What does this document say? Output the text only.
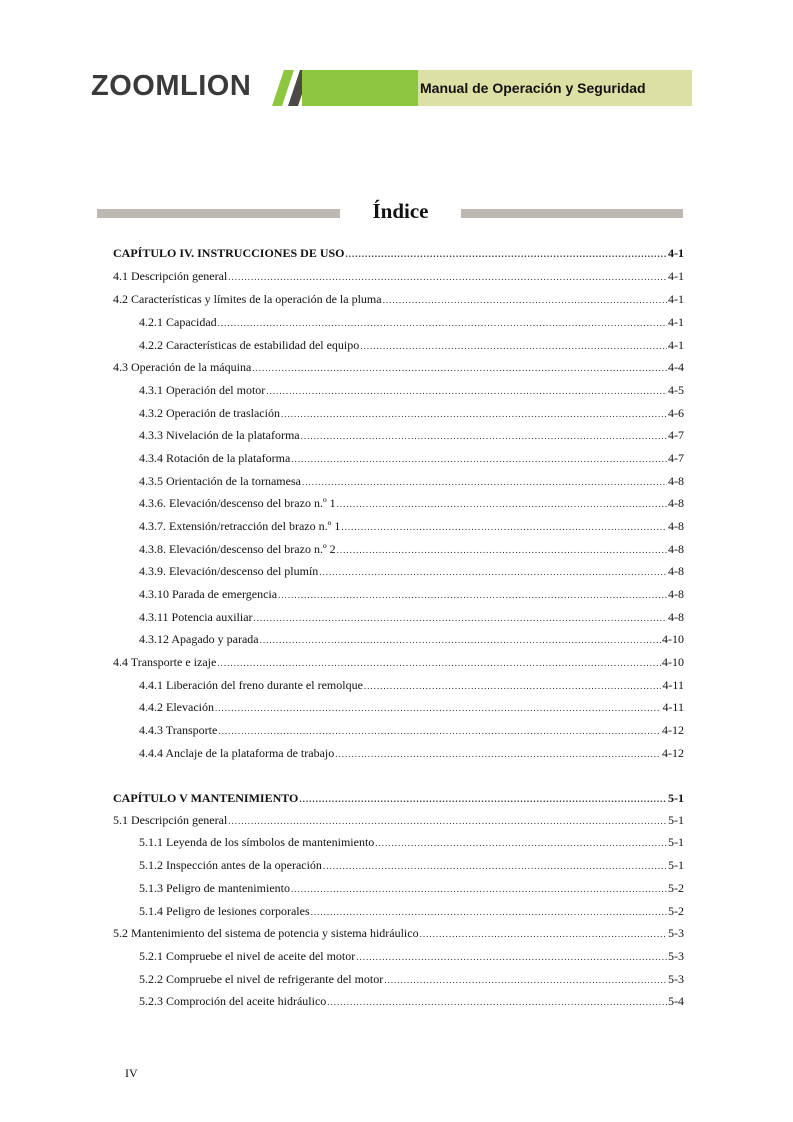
ZOOMLION	Manual de Operación y Seguridad
Índice
CAPÍTULO IV. INSTRUCCIONES DE USO .....	4-1
4.1 Descripción general .....	4-1
4.2 Características y límites de la operación de la pluma .....	4-1
4.2.1 Capacidad .....	4-1
4.2.2 Características de estabilidad del equipo .....	4-1
4.3 Operación de la máquina .....	4-4
4.3.1 Operación del motor .....	4-5
4.3.2 Operación de traslación .....	4-6
4.3.3 Nivelación de la plataforma .....	4-7
4.3.4 Rotación de la plataforma .....	4-7
4.3.5 Orientación de la tornamesa .....	4-8
4.3.6. Elevación/descenso del brazo n.º 1 .....	4-8
4.3.7. Extensión/retracción del brazo n.º 1 .....	4-8
4.3.8. Elevación/descenso del brazo n.º 2 .....	4-8
4.3.9. Elevación/descenso del plumín .....	4-8
4.3.10 Parada de emergencia .....	4-8
4.3.11 Potencia auxiliar .....	4-8
4.3.12 Apagado y parada .....	4-10
4.4 Transporte e izaje .....	4-10
4.4.1 Liberación del freno durante el remolque .....	4-11
4.4.2 Elevación .....	4-11
4.4.3 Transporte .....	4-12
4.4.4 Anclaje de la plataforma de trabajo .....	4-12
CAPÍTULO V MANTENIMIENTO .....	5-1
5.1 Descripción general .....	5-1
5.1.1 Leyenda de los símbolos de mantenimiento .....	5-1
5.1.2 Inspección antes de la operación .....	5-1
5.1.3 Peligro de mantenimiento .....	5-2
5.1.4 Peligro de lesiones corporales .....	5-2
5.2 Mantenimiento del sistema de potencia y sistema hidráulico .....	5-3
5.2.1 Compruebe el nivel de aceite del motor .....	5-3
5.2.2 Compruebe el nivel de refrigerante del motor .....	5-3
5.2.3 Comproción del aceite hidráulico .....	5-4
IV
